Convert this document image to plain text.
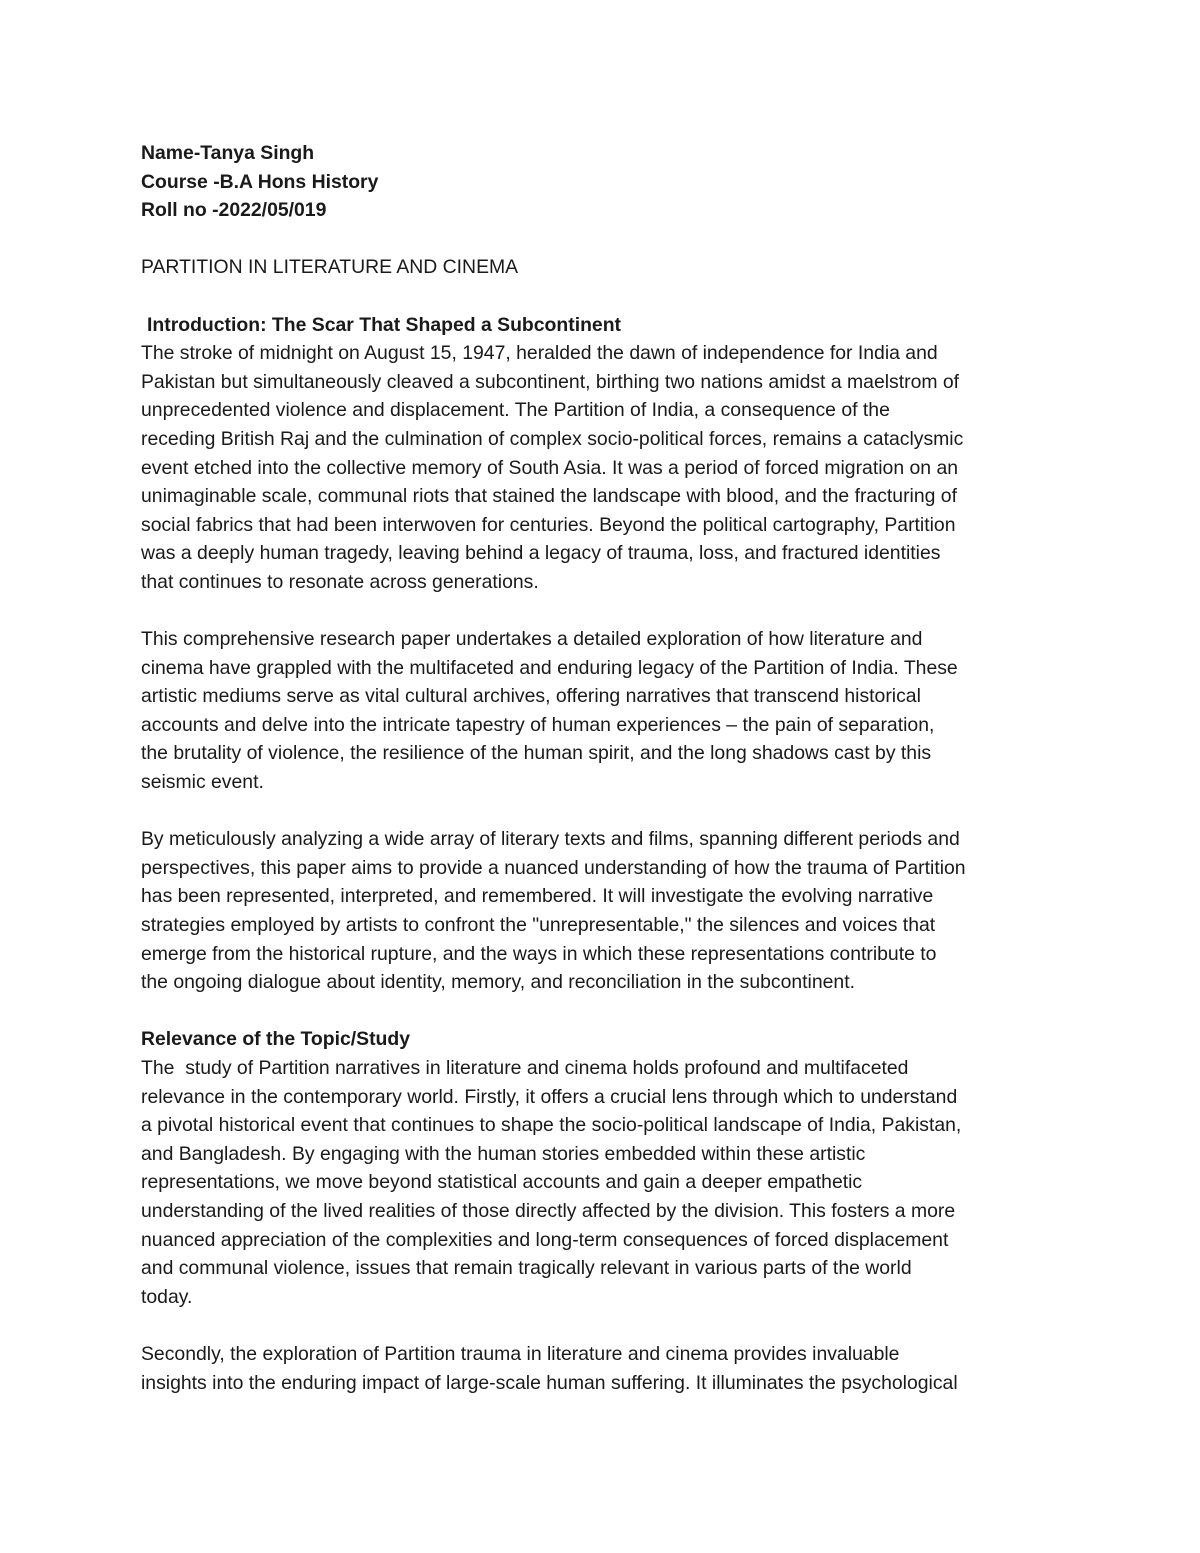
Name-Tanya Singh
Course -B.A Hons History
Roll no -2022/05/019
PARTITION IN LITERATURE AND CINEMA
Introduction: The Scar That Shaped a Subcontinent

The stroke of midnight on August 15, 1947, heralded the dawn of independence for India and
Pakistan but simultaneously cleaved a subcontinent, birthing two nations amidst a maelstrom of
unprecedented violence and displacement. The Partition of India, a consequence of the
receding British Raj and the culmination of complex socio-political forces, remains a cataclysmic
event etched into the collective memory of South Asia. It was a period of forced migration on an
unimaginable scale, communal riots that stained the landscape with blood, and the fracturing of
social fabrics that had been interwoven for centuries. Beyond the political cartography, Partition
was a deeply human tragedy, leaving behind a legacy of trauma, loss, and fractured identities
that continues to resonate across generations.

This comprehensive research paper undertakes a detailed exploration of how literature and
cinema have grappled with the multifaceted and enduring legacy of the Partition of India. These
artistic mediums serve as vital cultural archives, offering narratives that transcend historical
accounts and delve into the intricate tapestry of human experiences – the pain of separation,
the brutality of violence, the resilience of the human spirit, and the long shadows cast by this
seismic event.

By meticulously analyzing a wide array of literary texts and films, spanning different periods and
perspectives, this paper aims to provide a nuanced understanding of how the trauma of Partition
has been represented, interpreted, and remembered. It will investigate the evolving narrative
strategies employed by artists to confront the "unrepresentable," the silences and voices that
emerge from the historical rupture, and the ways in which these representations contribute to
the ongoing dialogue about identity, memory, and reconciliation in the subcontinent.

Relevance of the Topic/Study

The  study of Partition narratives in literature and cinema holds profound and multifaceted
relevance in the contemporary world. Firstly, it offers a crucial lens through which to understand
a pivotal historical event that continues to shape the socio-political landscape of India, Pakistan,
and Bangladesh. By engaging with the human stories embedded within these artistic
representations, we move beyond statistical accounts and gain a deeper empathetic
understanding of the lived realities of those directly affected by the division. This fosters a more
nuanced appreciation of the complexities and long-term consequences of forced displacement
and communal violence, issues that remain tragically relevant in various parts of the world
today.

Secondly, the exploration of Partition trauma in literature and cinema provides invaluable
insights into the enduring impact of large-scale human suffering. It illuminates the psychological
